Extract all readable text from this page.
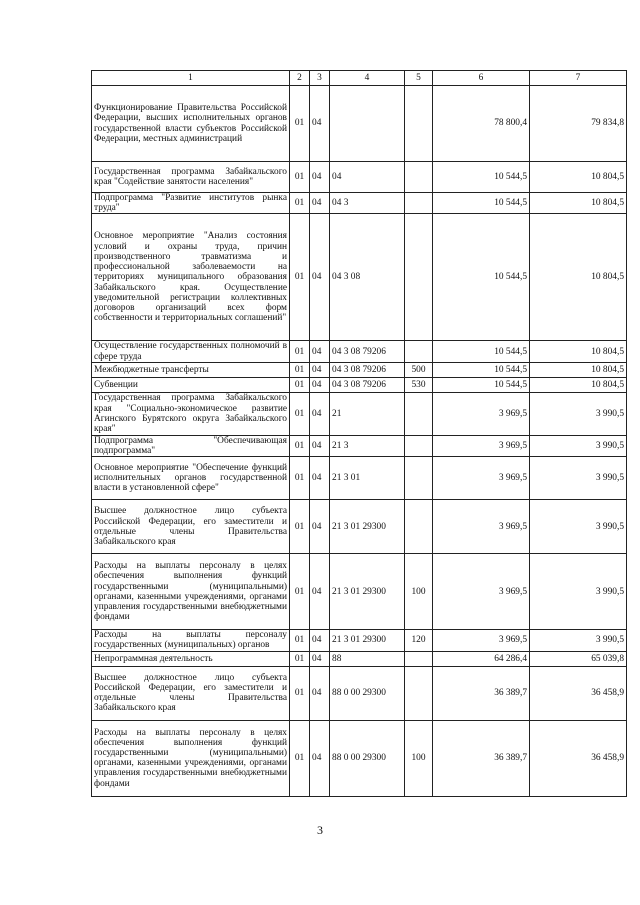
1	2	3	4	5	6	7
Функционирование Правительства Российской Федерации, высших исполнительных органов государственной власти субъектов Российской Федерации, местных администраций	01	04			78 800,4	79 834,8
Государственная программа Забайкальского края "Содействие занятости населения"	01	04	04		10 544,5	10 804,5
Подпрограмма "Развитие институтов рынка труда"	01	04	04 3		10 544,5	10 804,5
Основное мероприятие "Анализ состояния условий и охраны труда, причин производственного травматизма и профессиональной заболеваемости на территориях муниципального образования Забайкальского края. Осуществление уведомительной регистрации коллективных договоров организаций всех форм собственности и территориальных соглашений"	01	04	04 3 08		10 544,5	10 804,5
Осуществление государственных полномочий в сфере труда	01	04	04 3 08 79206		10 544,5	10 804,5
Межбюджетные трансферты	01	04	04 3 08 79206	500	10 544,5	10 804,5
Субвенции	01	04	04 3 08 79206	530	10 544,5	10 804,5
Государственная программа Забайкальского края "Социально-экономическое развитие Агинского Бурятского округа Забайкальского края"	01	04	21		3 969,5	3 990,5
Подпрограмма "Обеспечивающая подпрограмма"	01	04	21 3		3 969,5	3 990,5
Основное мероприятие "Обеспечение функций исполнительных органов государственной власти в установленной сфере"	01	04	21 3 01		3 969,5	3 990,5
Высшее должностное лицо субъекта Российской Федерации, его заместители и отдельные члены Правительства Забайкальского края	01	04	21 3 01 29300		3 969,5	3 990,5
Расходы на выплаты персоналу в целях обеспечения выполнения функций государственными (муниципальными) органами, казенными учреждениями, органами управления государственными внебюджетными фондами	01	04	21 3 01 29300	100	3 969,5	3 990,5
Расходы на выплаты персоналу государственных (муниципальных) органов	01	04	21 3 01 29300	120	3 969,5	3 990,5
Непрограммная деятельность	01	04	88		64 286,4	65 039,8
Высшее должностное лицо субъекта Российской Федерации, его заместители и отдельные члены Правительства Забайкальского края	01	04	88 0 00 29300		36 389,7	36 458,9
Расходы на выплаты персоналу в целях обеспечения выполнения функций государственными (муниципальными) органами, казенными учреждениями, органами управления государственными внебюджетными фондами	01	04	88 0 00 29300	100	36 389,7	36 458,9
3
